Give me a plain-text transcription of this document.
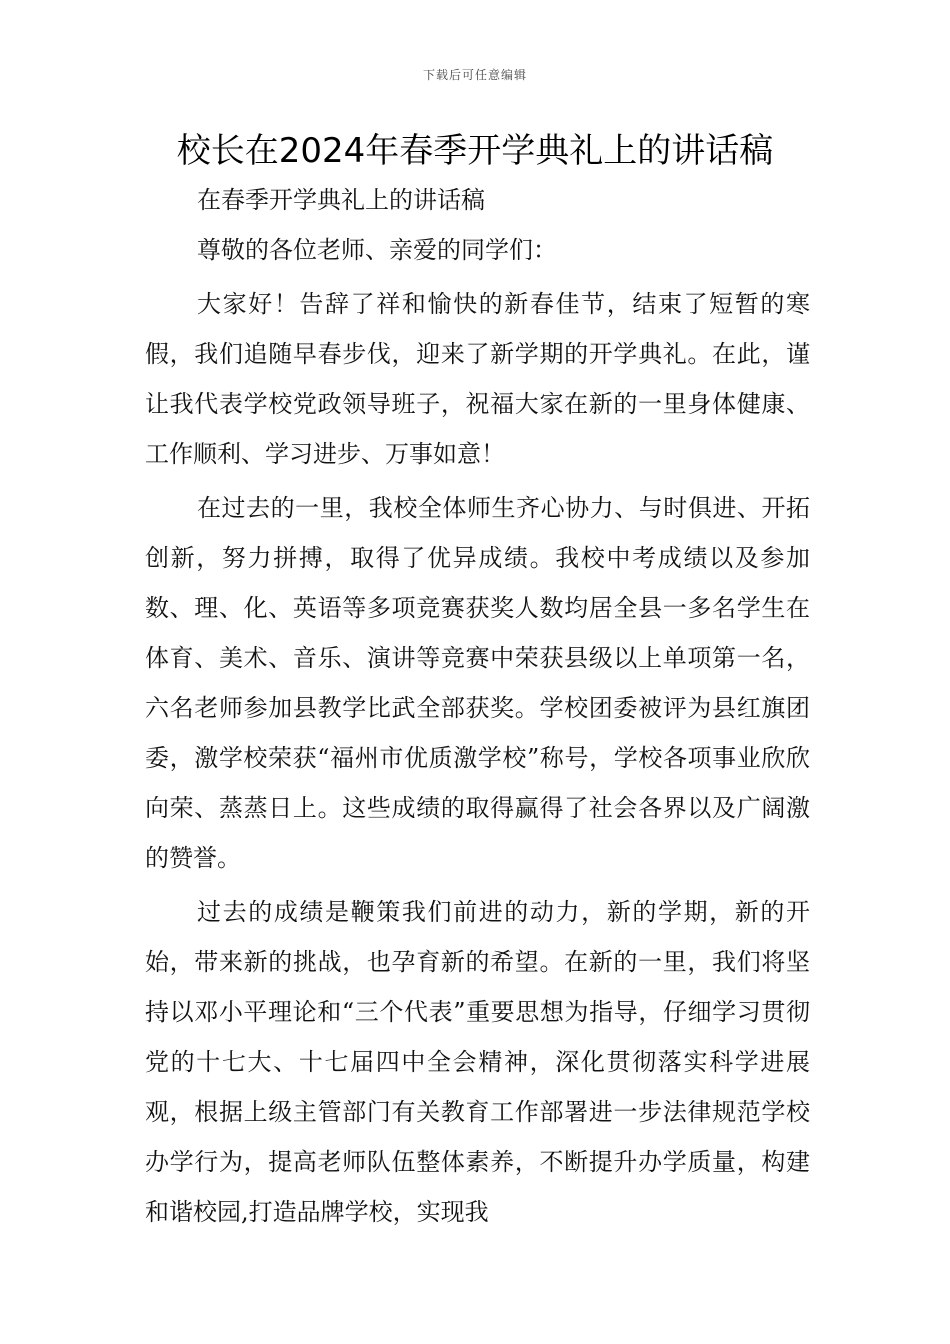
下载后可任意编辑
校长在2024年春季开学典礼上的讲话稿

在春季开学典礼上的讲话稿

尊敬的各位老师、亲爱的同学们：

大家好！告辞了祥和愉快的新春佳节，结束了短暂的寒假，我们追随早春步伐，迎来了新学期的开学典礼。在此，谨让我代表学校党政领导班子，祝福大家在新的一里身体健康、工作顺利、学习进步、万事如意！

在过去的一里，我校全体师生齐心协力、与时俱进、开拓创新，努力拼搏，取得了优异成绩。我校中考成绩以及参加数、理、化、英语等多项竞赛获奖人数均居全县一多名学生在体育、美术、音乐、演讲等竞赛中荣获县级以上单项第一名，六名老师参加县教学比武全部获奖。学校团委被评为县红旗团委，激学校荣获“福州市优质激学校”称号，学校各项事业欣欣向荣、蒸蒸日上。这些成绩的取得赢得了社会各界以及广阔激的赞誉。

过去的成绩是鞭策我们前进的动力，新的学期，新的开始，带来新的挑战，也孕育新的希望。在新的一里，我们将坚持以邓小平理论和“三个代表”重要思想为指导，仔细学习贯彻党的十七大、十七届四中全会精神，深化贯彻落实科学进展观，根据上级主管部门有关教育工作部署进一步法律规范学校办学行为，提高老师队伍整体素养，不断提升办学质量，构建和谐校园,打造品牌学校，实现我
